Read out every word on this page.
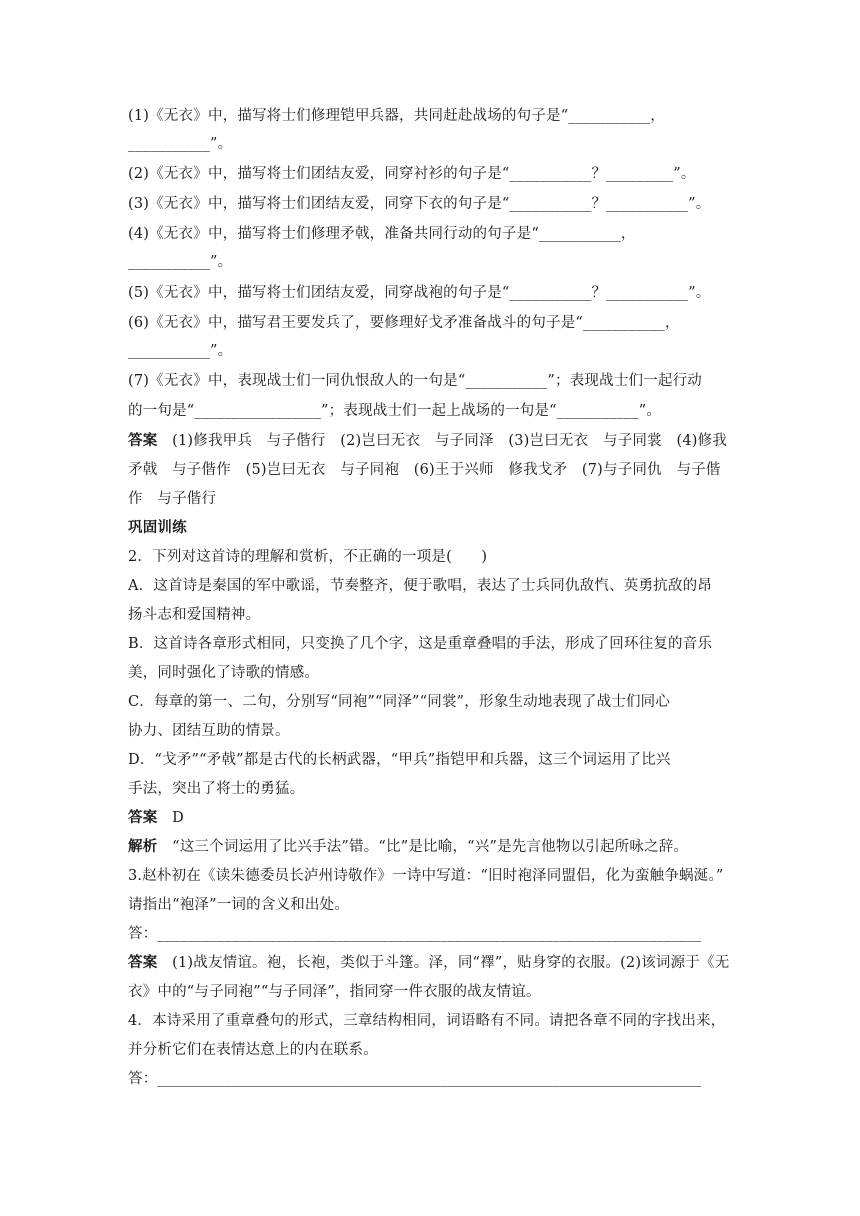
(1)《无衣》中，描写将士们修理铠甲兵器，共同赶赴战场的句子是“___________，
___________”。
(2)《无衣》中，描写将士们团结友爱，同穿衬衫的句子是“___________？_________”。
(3)《无衣》中，描写将士们团结友爱，同穿下衣的句子是“___________？___________”。
(4)《无衣》中，描写将士们修理矛戟，准备共同行动的句子是“___________，
___________”。
(5)《无衣》中，描写将士们团结友爱，同穿战袍的句子是“___________？___________”。
(6)《无衣》中，描写君王要发兵了，要修理好戈矛准备战斗的句子是“___________，
___________”。
(7)《无衣》中，表现战士们一同仇恨敌人的一句是“___________”；表现战士们一起行动
的一句是“_________________”；表现战士们一起上战场的一句是“___________”。
答案　(1)修我甲兵　与子偕行　(2)岂曰无衣　与子同泽　(3)岂曰无衣　与子同裳　(4)修我
矛戟　与子偕作　(5)岂曰无衣　与子同袍　(6)王于兴师　修我戈矛　(7)与子同仇　与子偕
作　与子偕行
巩固训练
2．下列对这首诗的理解和赏析，不正确的一项是(　　)
A．这首诗是秦国的军中歌谣，节奏整齐，便于歌唱，表达了士兵同仇敌忾、英勇抗敌的昂
扬斗志和爱国精神。
B．这首诗各章形式相同，只变换了几个字，这是重章叠唱的手法，形成了回环往复的音乐
美，同时强化了诗歌的情感。
C．每章的第一、二句，分别写“同袍”“同泽”“同裳”，形象生动地表现了战士们同心
协力、团结互助的情景。
D．“戈矛”“矛戟”都是古代的长柄武器，“甲兵”指铠甲和兵器，这三个词运用了比兴
手法，突出了将士的勇猛。
答案　D
解析　“这三个词运用了比兴手法”错。“比”是比喻，“兴”是先言他物以引起所咏之辞。
3.赵朴初在《读朱德委员长泸州诗敬作》一诗中写道：“旧时袍泽同盟侣，化为蛮触争蜗涎。”
请指出“袍泽”一词的含义和出处。
答：_________________________________________________________________________
答案　(1)战友情谊。袍，长袍，类似于斗篷。泽，同“襗”，贴身穿的衣服。(2)该词源于《无
衣》中的“与子同袍”“与子同泽”，指同穿一件衣服的战友情谊。
4．本诗采用了重章叠句的形式，三章结构相同，词语略有不同。请把各章不同的字找出来，
并分析它们在表情达意上的内在联系。
答：_________________________________________________________________________
